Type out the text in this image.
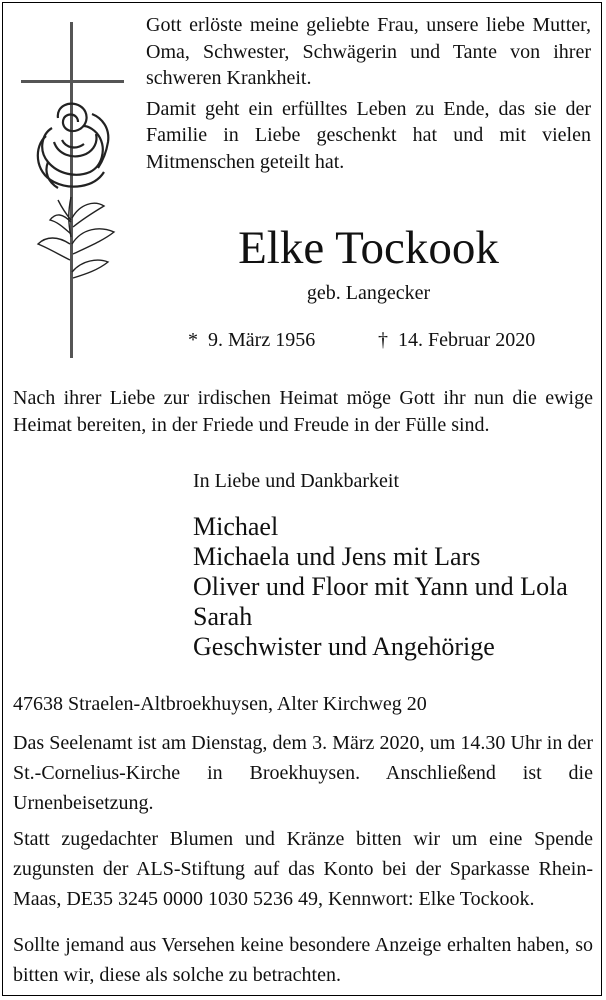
Gott erlöste meine geliebte Frau, unsere liebe Mutter, Oma, Schwester, Schwägerin und Tante von ihrer schweren Krankheit.

Damit geht ein erfülltes Leben zu Ende, das sie der Familie in Liebe geschenkt hat und mit vielen Mitmenschen geteilt hat.

Elke Tockook
geb. Langecker
* 9. März 1956	† 14. Februar 2020
Nach ihrer Liebe zur irdischen Heimat möge Gott ihr nun die ewige Heimat bereiten, in der Friede und Freude in der Fülle sind.
In Liebe und Dankbarkeit
Michael
Michaela und Jens mit Lars
Oliver und Floor mit Yann und Lola
Sarah
Geschwister und Angehörige
47638 Straelen-Altbroekhuysen, Alter Kirchweg 20
Das Seelenamt ist am Dienstag, dem 3. März 2020, um 14.30 Uhr in der St.-Cornelius-Kirche in Broekhuysen. Anschließend ist die Urnenbeisetzung.
Statt zugedachter Blumen und Kränze bitten wir um eine Spende zugunsten der ALS-Stiftung auf das Konto bei der Sparkasse Rhein-Maas, DE35 3245 0000 1030 5236 49, Kennwort: Elke Tockook.
Sollte jemand aus Versehen keine besondere Anzeige erhalten haben, so bitten wir, diese als solche zu betrachten.
